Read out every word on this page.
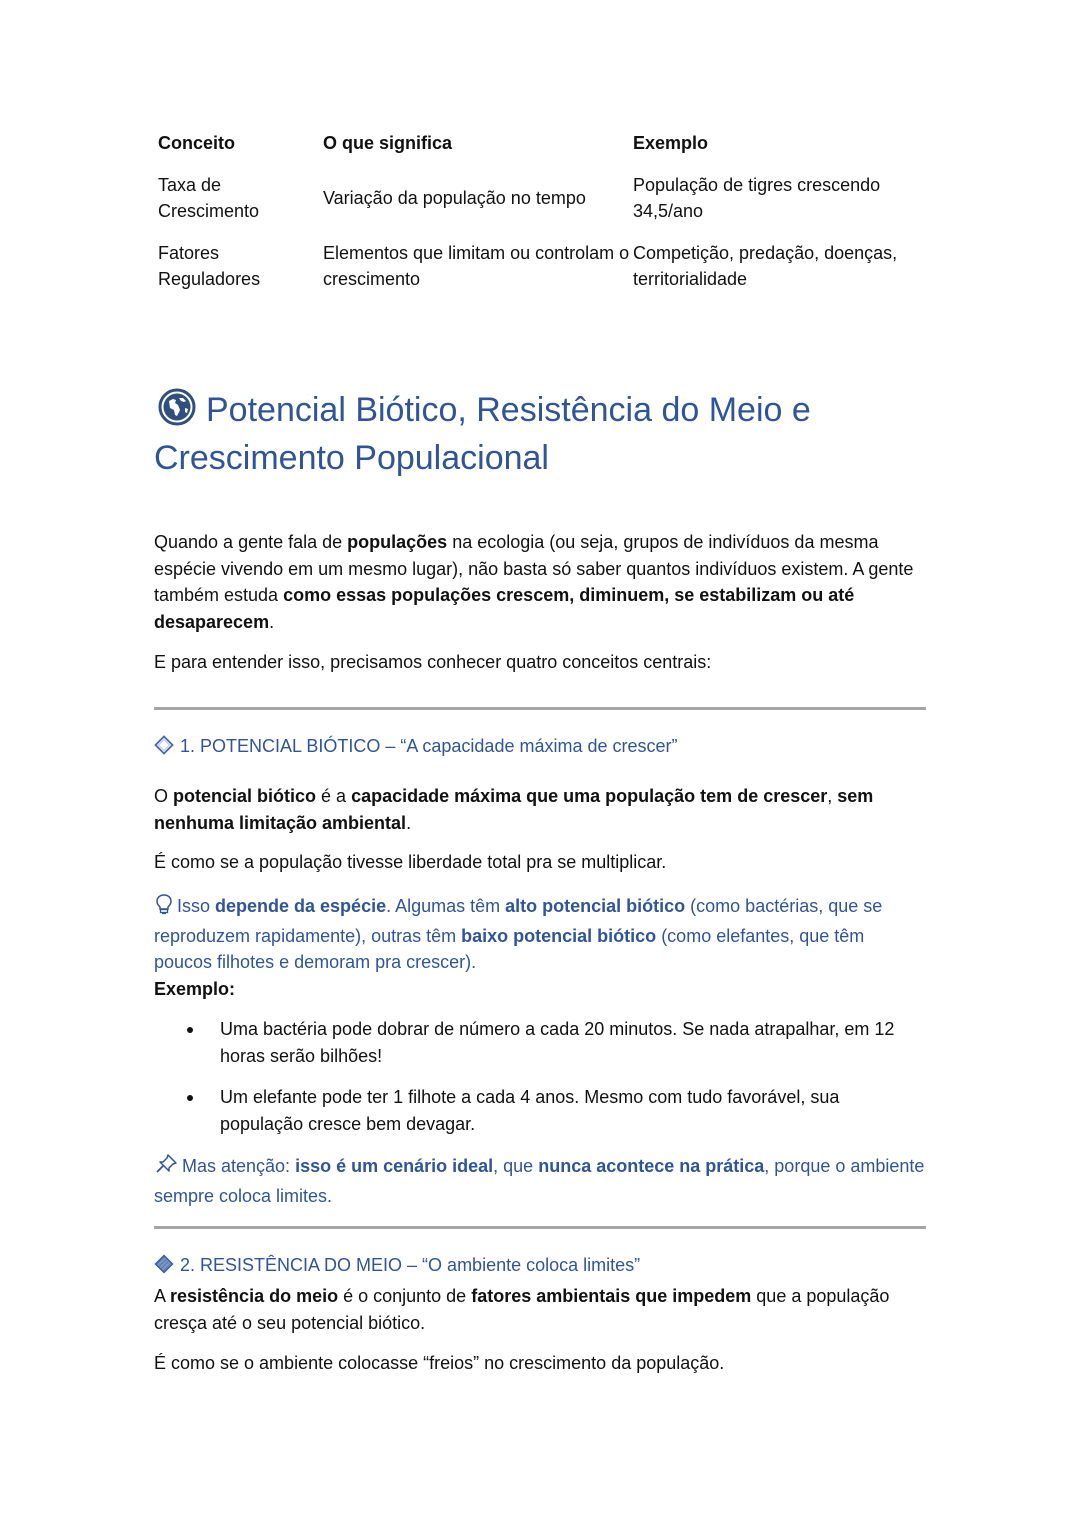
Conceito	O que significa	Exemplo
Taxa de Crescimento	Variação da população no tempo	População de tigres crescendo 34,5/ano
Fatores Reguladores	Elementos que limitam ou controlam o crescimento	Competição, predação, doenças, territorialidade
Potencial Biótico, Resistência do Meio e Crescimento Populacional

Quando a gente fala de populações na ecologia (ou seja, grupos de indivíduos da mesma espécie vivendo em um mesmo lugar), não basta só saber quantos indivíduos existem. A gente também estuda como essas populações crescem, diminuem, se estabilizam ou até desaparecem.

E para entender isso, precisamos conhecer quatro conceitos centrais:

1. POTENCIAL BIÓTICO – “A capacidade máxima de crescer”

O potencial biótico é a capacidade máxima que uma população tem de crescer, sem nenhuma limitação ambiental.

É como se a população tivesse liberdade total pra se multiplicar.

Isso depende da espécie. Algumas têm alto potencial biótico (como bactérias, que se reproduzem rapidamente), outras têm baixo potencial biótico (como elefantes, que têm poucos filhotes e demoram pra crescer).

Exemplo:

Uma bactéria pode dobrar de número a cada 20 minutos. Se nada atrapalhar, em 12 horas serão bilhões!
Um elefante pode ter 1 filhote a cada 4 anos. Mesmo com tudo favorável, sua população cresce bem devagar.

Mas atenção: isso é um cenário ideal, que nunca acontece na prática, porque o ambiente sempre coloca limites.

2. RESISTÊNCIA DO MEIO – “O ambiente coloca limites”

A resistência do meio é o conjunto de fatores ambientais que impedem que a população cresça até o seu potencial biótico.

É como se o ambiente colocasse “freios” no crescimento da população.
